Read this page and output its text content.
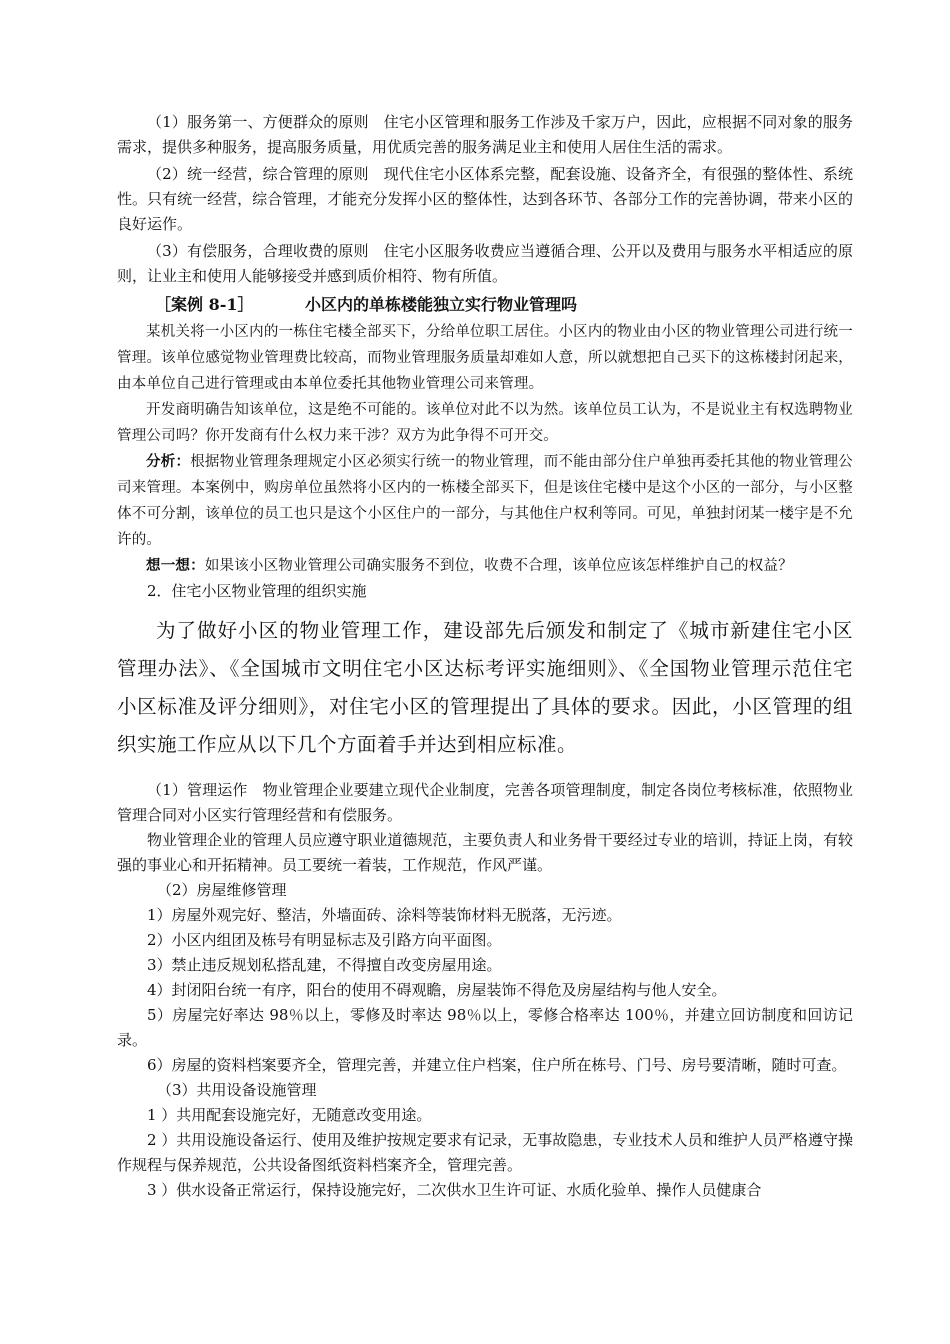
（1）服务第一、方便群众的原则　住宅小区管理和服务工作涉及千家万户，因此，应根据不同对象的服务需求，提供多种服务，提高服务质量，用优质完善的服务满足业主和使用人居住生活的需求。

（2）统一经营，综合管理的原则　现代住宅小区体系完整，配套设施、设备齐全，有很强的整体性、系统性。只有统一经营，综合管理，才能充分发挥小区的整体性，达到各环节、各部分工作的完善协调，带来小区的良好运作。

（3）有偿服务，合理收费的原则　住宅小区服务收费应当遵循合理、公开以及费用与服务水平相适应的原则，让业主和使用人能够接受并感到质价相符、物有所值。

［案例 8-1］	小区内的单栋楼能独立实行物业管理吗

某机关将一小区内的一栋住宅楼全部买下，分给单位职工居住。小区内的物业由小区的物业管理公司进行统一管理。该单位感觉物业管理费比较高，而物业管理服务质量却难如人意，所以就想把自己买下的这栋楼封闭起来，由本单位自己进行管理或由本单位委托其他物业管理公司来管理。

开发商明确告知该单位，这是绝不可能的。该单位对此不以为然。该单位员工认为，不是说业主有权选聘物业管理公司吗？你开发商有什么权力来干涉？双方为此争得不可开交。

分析：根据物业管理条理规定小区必须实行统一的物业管理，而不能由部分住户单独再委托其他的物业管理公司来管理。本案例中，购房单位虽然将小区内的一栋楼全部买下，但是该住宅楼中是这个小区的一部分，与小区整体不可分割，该单位的员工也只是这个小区住户的一部分，与其他住户权利等同。可见，单独封闭某一楼宇是不允许的。

想一想：如果该小区物业管理公司确实服务不到位，收费不合理，该单位应该怎样维护自己的权益？

2．住宅小区物业管理的组织实施

为了做好小区的物业管理工作，建设部先后颁发和制定了《城市新建住宅小区管理办法》、《全国城市文明住宅小区达标考评实施细则》、《全国物业管理示范住宅小区标准及评分细则》，对住宅小区的管理提出了具体的要求。因此，小区管理的组织实施工作应从以下几个方面着手并达到相应标准。

（1）管理运作　物业管理企业要建立现代企业制度，完善各项管理制度，制定各岗位考核标准，依照物业管理合同对小区实行管理经营和有偿服务。

物业管理企业的管理人员应遵守职业道德规范，主要负责人和业务骨干要经过专业的培训，持证上岗，有较强的事业心和开拓精神。员工要统一着装，工作规范，作风严谨。

（2）房屋维修管理

1）房屋外观完好、整洁，外墙面砖、涂料等装饰材料无脱落，无污迹。

2）小区内组团及栋号有明显标志及引路方向平面图。

3）禁止违反规划私搭乱建，不得擅自改变房屋用途。

4）封闭阳台统一有序，阳台的使用不碍观瞻，房屋装饰不得危及房屋结构与他人安全。

5）房屋完好率达 98％以上，零修及时率达 98％以上，零修合格率达 100％，并建立回访制度和回访记录。

6）房屋的资料档案要齐全，管理完善，并建立住户档案，住户所在栋号、门号、房号要清晰，随时可查。

（3）共用设备设施管理

1 ）共用配套设施完好，无随意改变用途。

2 ）共用设施设备运行、使用及维护按规定要求有记录，无事故隐患，专业技术人员和维护人员严格遵守操作规程与保养规范，公共设备图纸资料档案齐全，管理完善。

3 ）供水设备正常运行，保持设施完好，二次供水卫生许可证、水质化验单、操作人员健康合
